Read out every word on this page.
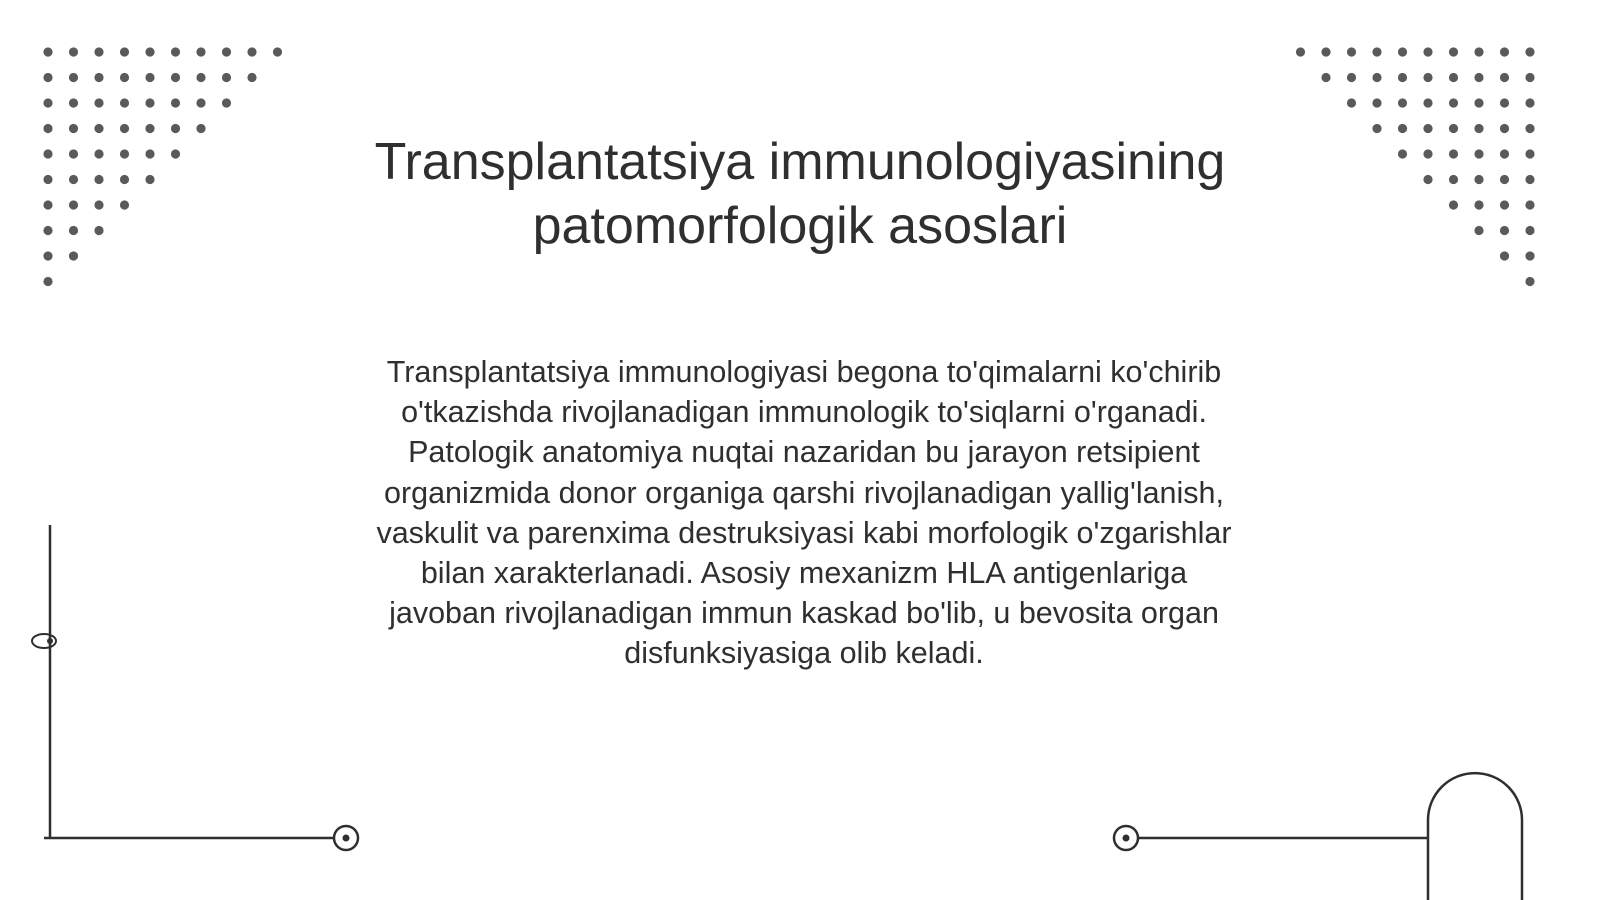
Transplantatsiya immunologiyasining patomorfologik asoslari

Transplantatsiya immunologiyasi begona to'qimalarni ko'chirib o'tkazishda rivojlanadigan immunologik to'siqlarni o'rganadi. Patologik anatomiya nuqtai nazaridan bu jarayon retsipient organizmida donor organiga qarshi rivojlanadigan yallig'lanish, vaskulit va parenxima destruksiyasi kabi morfologik o'zgarishlar bilan xarakterlanadi. Asosiy mexanizm HLA antigenlariga javoban rivojlanadigan immun kaskad bo'lib, u bevosita organ disfunksiyasiga olib keladi.
